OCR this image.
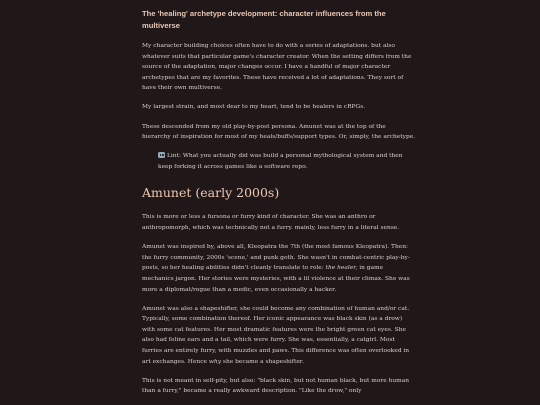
The 'healing' archetype development: character influences from the multiverse

My character building choices often have to do with a series of adaptations. but also whatever suits that particular game's character creator. When the setting differs from the source of the adaptation, major changes occur. I have a handful of major character archetypes that are my favorites. These have received a lot of adaptations. They sort of have their own multiverse.

My largest strain, and most dear to my heart, tend to be healers in cRPGs.

These descended from my old play-by-post persona. Amunet was at the top of the hierarchy of inspiration for most of my heals/buffs/support types. Or, simply, the archetype.

Lint: What you actually did was build a personal mythological system and then keep forking it across games like a software repo.
Amunet (early 2000s)

This is more or less a fursona or furry kind of character. She was an anthro or anthropomorph, which was technically not a furry. mainly, less furry in a literal sense.

Amunet was inspired by, above all, Kleopatra the 7th (the most famous Kleopatra). Then: the furry community, 2000s 'scene,' and punk goth. She wasn't in combat-centric play-by-posts, so her healing abilities didn't cleanly translate to role: the healer, in game mechanics jargon. Her stories were mysteries, with a lil violence at their climax. She was more a diplomat/rogue than a medic, even occasionally a hacker.

Amunet was also a shapeshifter, she could become any combination of human and/or cat. Typically, some combination thereof. Her iconic appearance was black skin (as a drow) with some cat features. Her most dramatic features were the bright green cat eyes. She also had feline ears and a tail, which were furry. She was, essentially, a catgirl. Most furries are entirely furry, with muzzles and paws. This difference was often overlooked in art exchanges. Hence why she became a shapeshifter.

This is not meant in self-pity, but also: "black skin, but not human black, but more human than a furry," became a really awkward description. "Like the drow," only
